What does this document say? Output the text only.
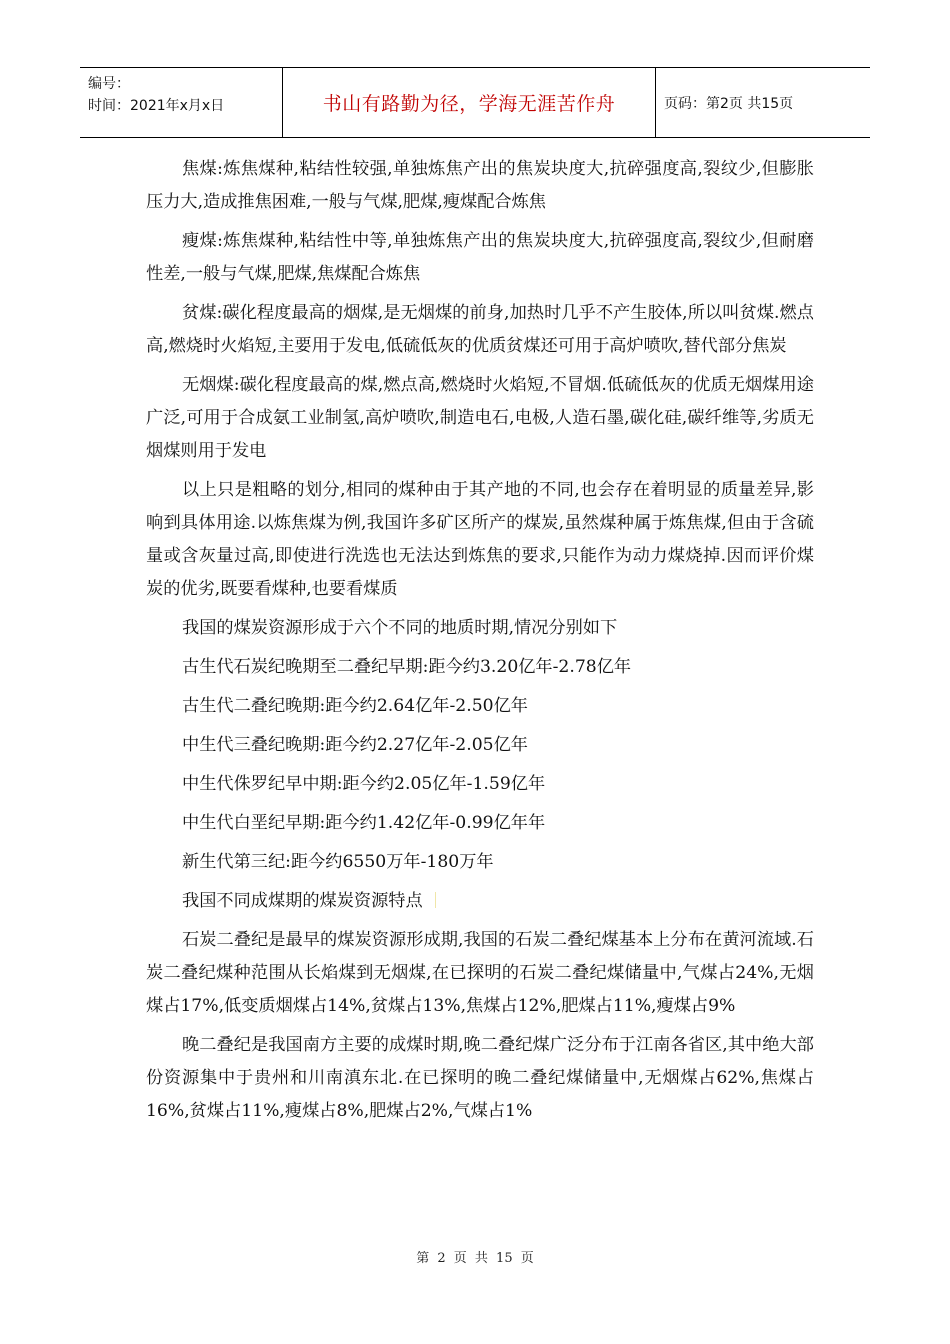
编号：
时间：2021年x月x日	书山有路勤为径，学海无涯苦作舟	页码：第2页 共15页

焦煤:炼焦煤种,粘结性较强,单独炼焦产出的焦炭块度大,抗碎强度高,裂纹少,但膨胀压力大,造成推焦困难,一般与气煤,肥煤,瘦煤配合炼焦

瘦煤:炼焦煤种,粘结性中等,单独炼焦产出的焦炭块度大,抗碎强度高,裂纹少,但耐磨性差,一般与气煤,肥煤,焦煤配合炼焦

贫煤:碳化程度最高的烟煤,是无烟煤的前身,加热时几乎不产生胶体,所以叫贫煤.燃点高,燃烧时火焰短,主要用于发电,低硫低灰的优质贫煤还可用于高炉喷吹,替代部分焦炭

无烟煤:碳化程度最高的煤,燃点高,燃烧时火焰短,不冒烟.低硫低灰的优质无烟煤用途广泛,可用于合成氨工业制氢,高炉喷吹,制造电石,电极,人造石墨,碳化硅,碳纤维等,劣质无烟煤则用于发电

以上只是粗略的划分,相同的煤种由于其产地的不同,也会存在着明显的质量差异,影响到具体用途.以炼焦煤为例,我国许多矿区所产的煤炭,虽然煤种属于炼焦煤,但由于含硫量或含灰量过高,即使进行洗选也无法达到炼焦的要求,只能作为动力煤烧掉.因而评价煤炭的优劣,既要看煤种,也要看煤质

我国的煤炭资源形成于六个不同的地质时期,情况分别如下

古生代石炭纪晚期至二叠纪早期:距今约3.20亿年-2.78亿年

古生代二叠纪晚期:距今约2.64亿年-2.50亿年

中生代三叠纪晚期:距今约2.27亿年-2.05亿年

中生代侏罗纪早中期:距今约2.05亿年-1.59亿年

中生代白垩纪早期:距今约1.42亿年-0.99亿年年

新生代第三纪:距今约6550万年-180万年

我国不同成煤期的煤炭资源特点

石炭二叠纪是最早的煤炭资源形成期,我国的石炭二叠纪煤基本上分布在黄河流域.石炭二叠纪煤种范围从长焰煤到无烟煤,在已探明的石炭二叠纪煤储量中,气煤占24%,无烟煤占17%,低变质烟煤占14%,贫煤占13%,焦煤占12%,肥煤占11%,瘦煤占9%

晚二叠纪是我国南方主要的成煤时期,晚二叠纪煤广泛分布于江南各省区,其中绝大部份资源集中于贵州和川南滇东北.在已探明的晚二叠纪煤储量中,无烟煤占62%,焦煤占16%,贫煤占11%,瘦煤占8%,肥煤占2%,气煤占1%

第 2 页 共 15 页
